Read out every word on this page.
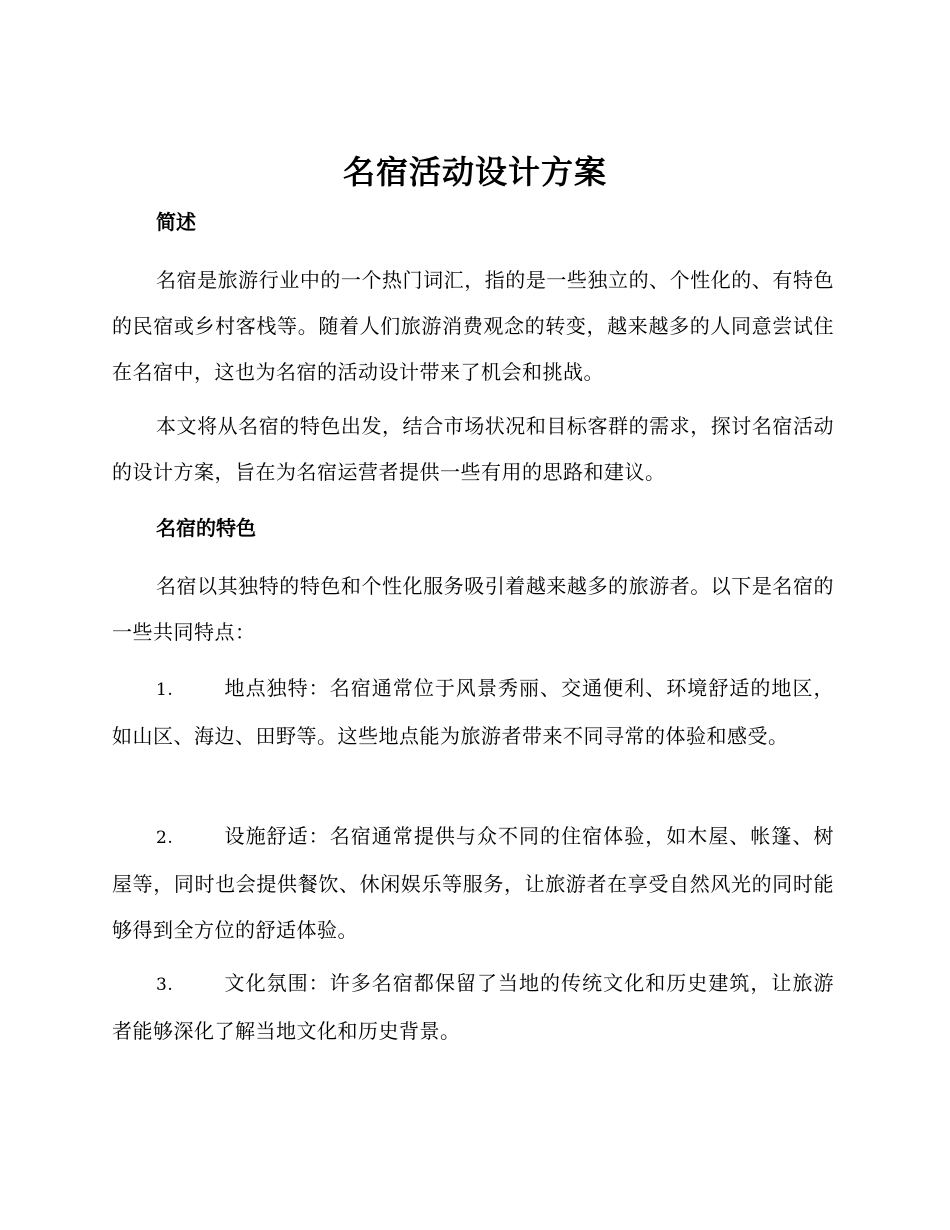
名宿活动设计方案
简述
名宿是旅游行业中的一个热门词汇，指的是一些独立的、个性化的、有特色的民宿或乡村客栈等。随着人们旅游消费观念的转变，越来越多的人同意尝试住在名宿中，这也为名宿的活动设计带来了机会和挑战。
本文将从名宿的特色出发，结合市场状况和目标客群的需求，探讨名宿活动的设计方案，旨在为名宿运营者提供一些有用的思路和建议。
名宿的特色
名宿以其独特的特色和个性化服务吸引着越来越多的旅游者。以下是名宿的一些共同特点：
1.	地点独特：名宿通常位于风景秀丽、交通便利、环境舒适的地区，如山区、海边、田野等。这些地点能为旅游者带来不同寻常的体验和感受。
2.	设施舒适：名宿通常提供与众不同的住宿体验，如木屋、帐篷、树屋等，同时也会提供餐饮、休闲娱乐等服务，让旅游者在享受自然风光的同时能够得到全方位的舒适体验。
3.	文化氛围：许多名宿都保留了当地的传统文化和历史建筑，让旅游者能够深化了解当地文化和历史背景。
